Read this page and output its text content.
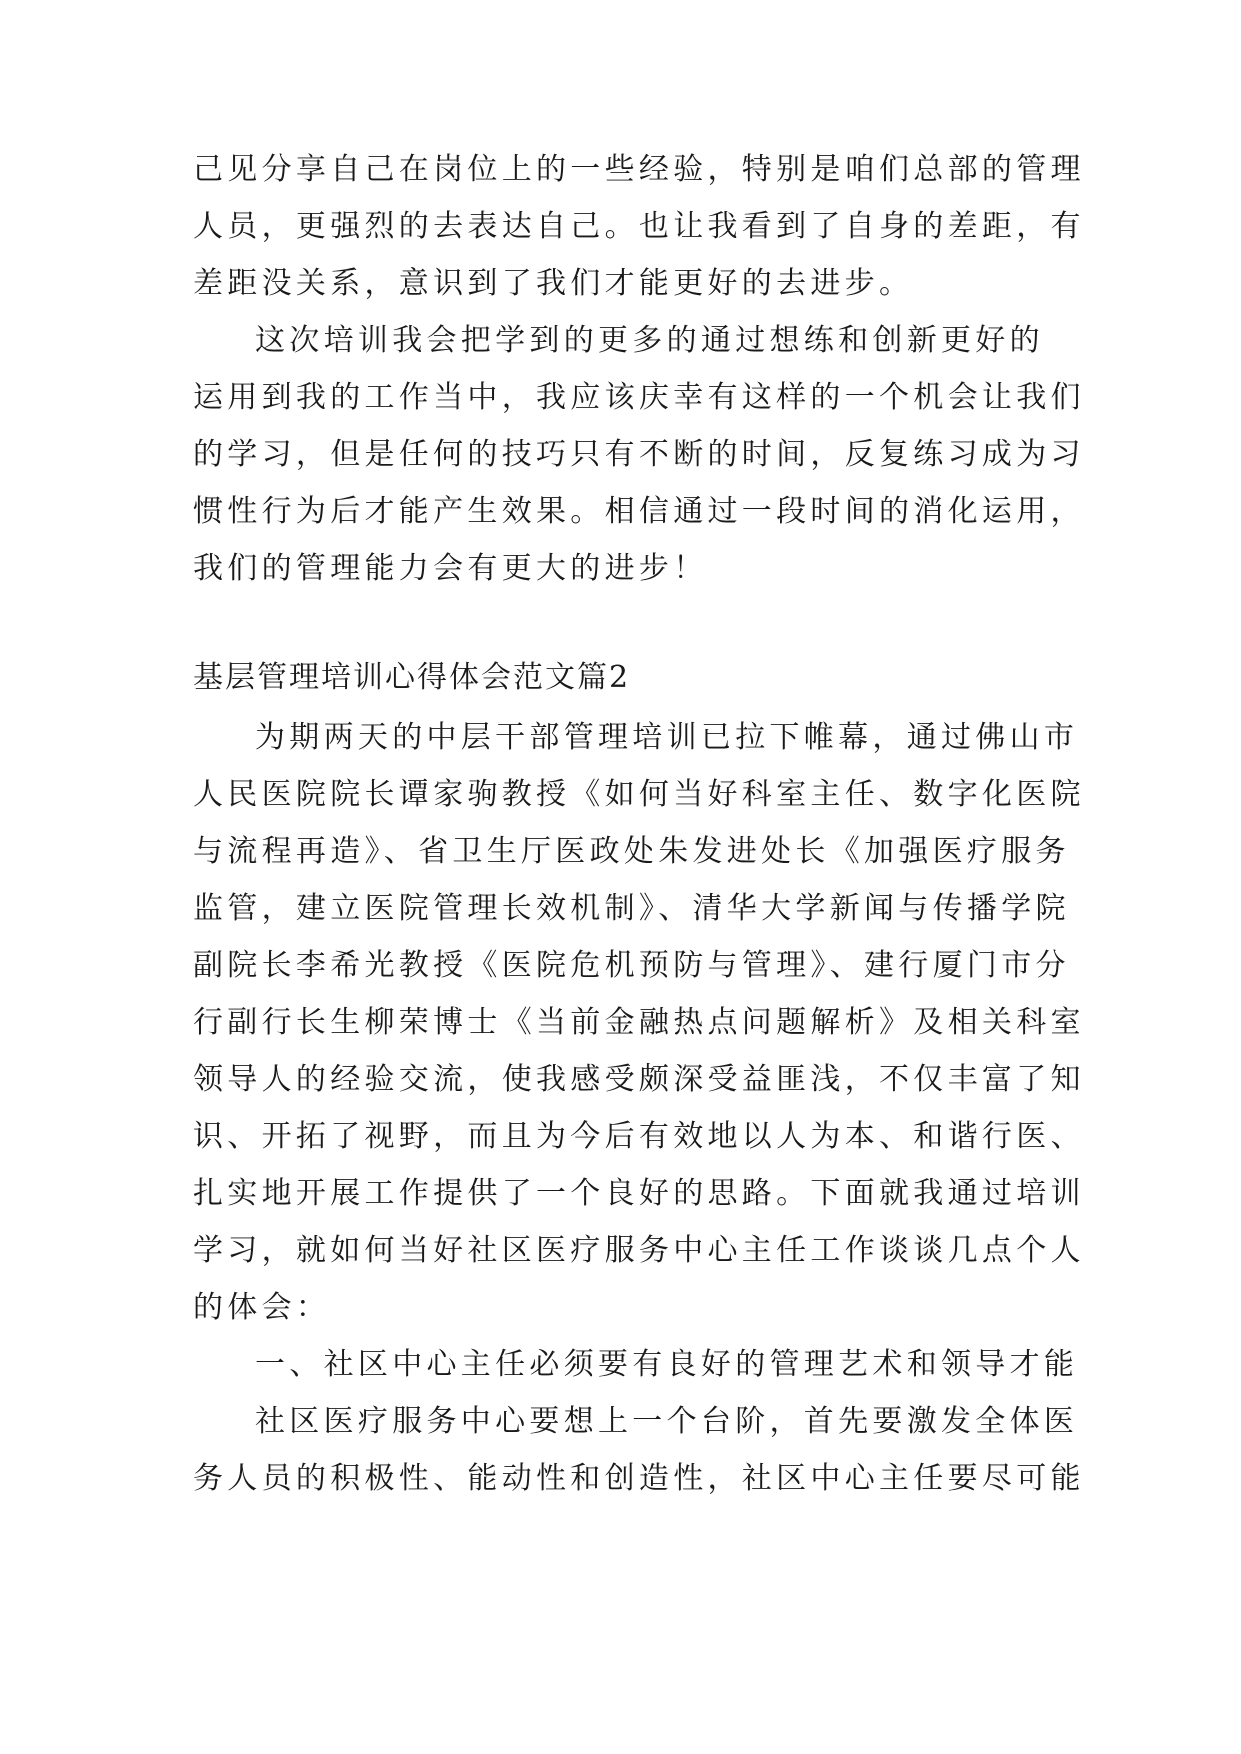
己见分享自己在岗位上的一些经验，特别是咱们总部的管理
人员，更强烈的去表达自己。也让我看到了自身的差距，有
差距没关系，意识到了我们才能更好的去进步。
这次培训我会把学到的更多的通过想练和创新更好的
运用到我的工作当中，我应该庆幸有这样的一个机会让我们
的学习，但是任何的技巧只有不断的时间，反复练习成为习
惯性行为后才能产生效果。相信通过一段时间的消化运用，
我们的管理能力会有更大的进步！
基层管理培训心得体会范文篇2
为期两天的中层干部管理培训已拉下帷幕，通过佛山市
人民医院院长谭家驹教授《如何当好科室主任、数字化医院
与流程再造》、省卫生厅医政处朱发进处长《加强医疗服务
监管，建立医院管理长效机制》、清华大学新闻与传播学院
副院长李希光教授《医院危机预防与管理》、建行厦门市分
行副行长生柳荣博士《当前金融热点问题解析》及相关科室
领导人的经验交流，使我感受颇深受益匪浅，不仅丰富了知
识、开拓了视野，而且为今后有效地以人为本、和谐行医、
扎实地开展工作提供了一个良好的思路。下面就我通过培训
学习，就如何当好社区医疗服务中心主任工作谈谈几点个人
的体会：
一、社区中心主任必须要有良好的管理艺术和领导才能
社区医疗服务中心要想上一个台阶，首先要激发全体医
务人员的积极性、能动性和创造性，社区中心主任要尽可能
